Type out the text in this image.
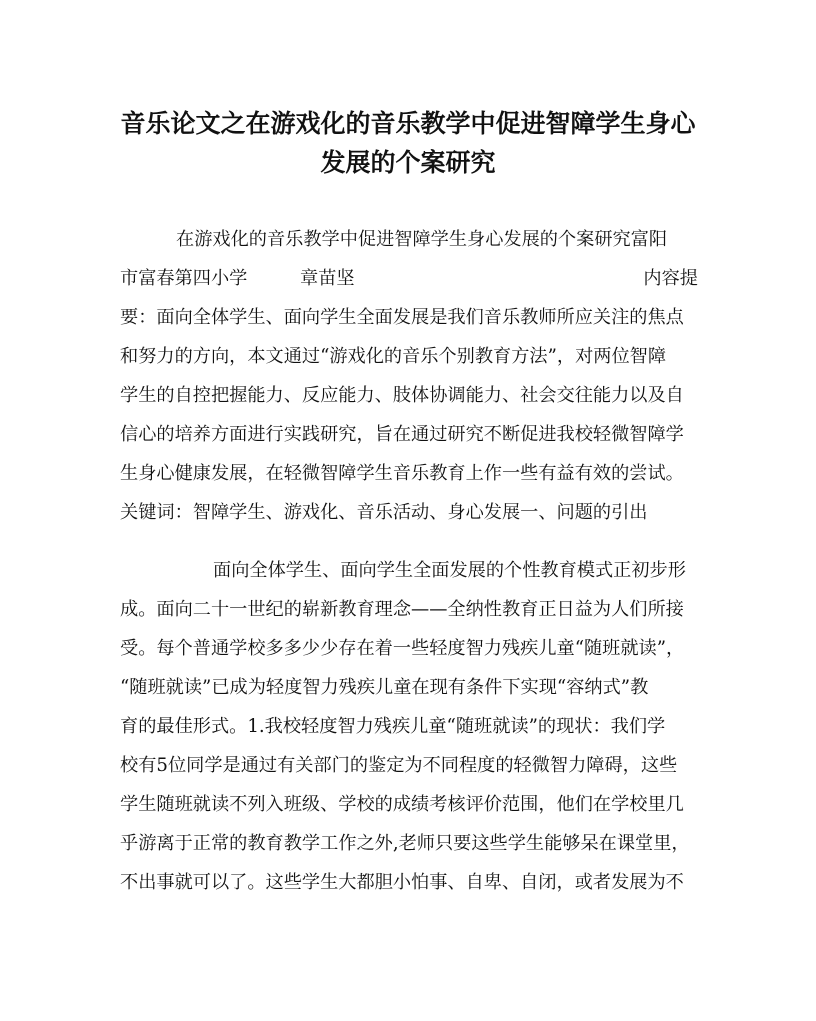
音乐论文之在游戏化的音乐教学中促进智障学生身心
发展的个案研究
在游戏化的音乐教学中促进智障学生身心发展的个案研究富阳
市富春第四小学	章苗坚	内容提
要：面向全体学生、面向学生全面发展是我们音乐教师所应关注的焦点
和努力的方向，本文通过“游戏化的音乐个别教育方法”，对两位智障
学生的自控把握能力、反应能力、肢体协调能力、社会交往能力以及自
信心的培养方面进行实践研究，旨在通过研究不断促进我校轻微智障学
生身心健康发展，在轻微智障学生音乐教育上作一些有益有效的尝试。
关键词：智障学生、游戏化、音乐活动、身心发展一、问题的引出
面向全体学生、面向学生全面发展的个性教育模式正初步形
成。面向二十一世纪的崭新教育理念——全纳性教育正日益为人们所接
受。每个普通学校多多少少存在着一些轻度智力残疾儿童“随班就读”，
“随班就读”已成为轻度智力残疾儿童在现有条件下实现“容纳式”教
育的最佳形式。1.我校轻度智力残疾儿童“随班就读”的现状：我们学
校有5位同学是通过有关部门的鉴定为不同程度的轻微智力障碍，这些
学生随班就读不列入班级、学校的成绩考核评价范围，他们在学校里几
乎游离于正常的教育教学工作之外,老师只要这些学生能够呆在课堂里，
不出事就可以了。这些学生大都胆小怕事、自卑、自闭，或者发展为不
